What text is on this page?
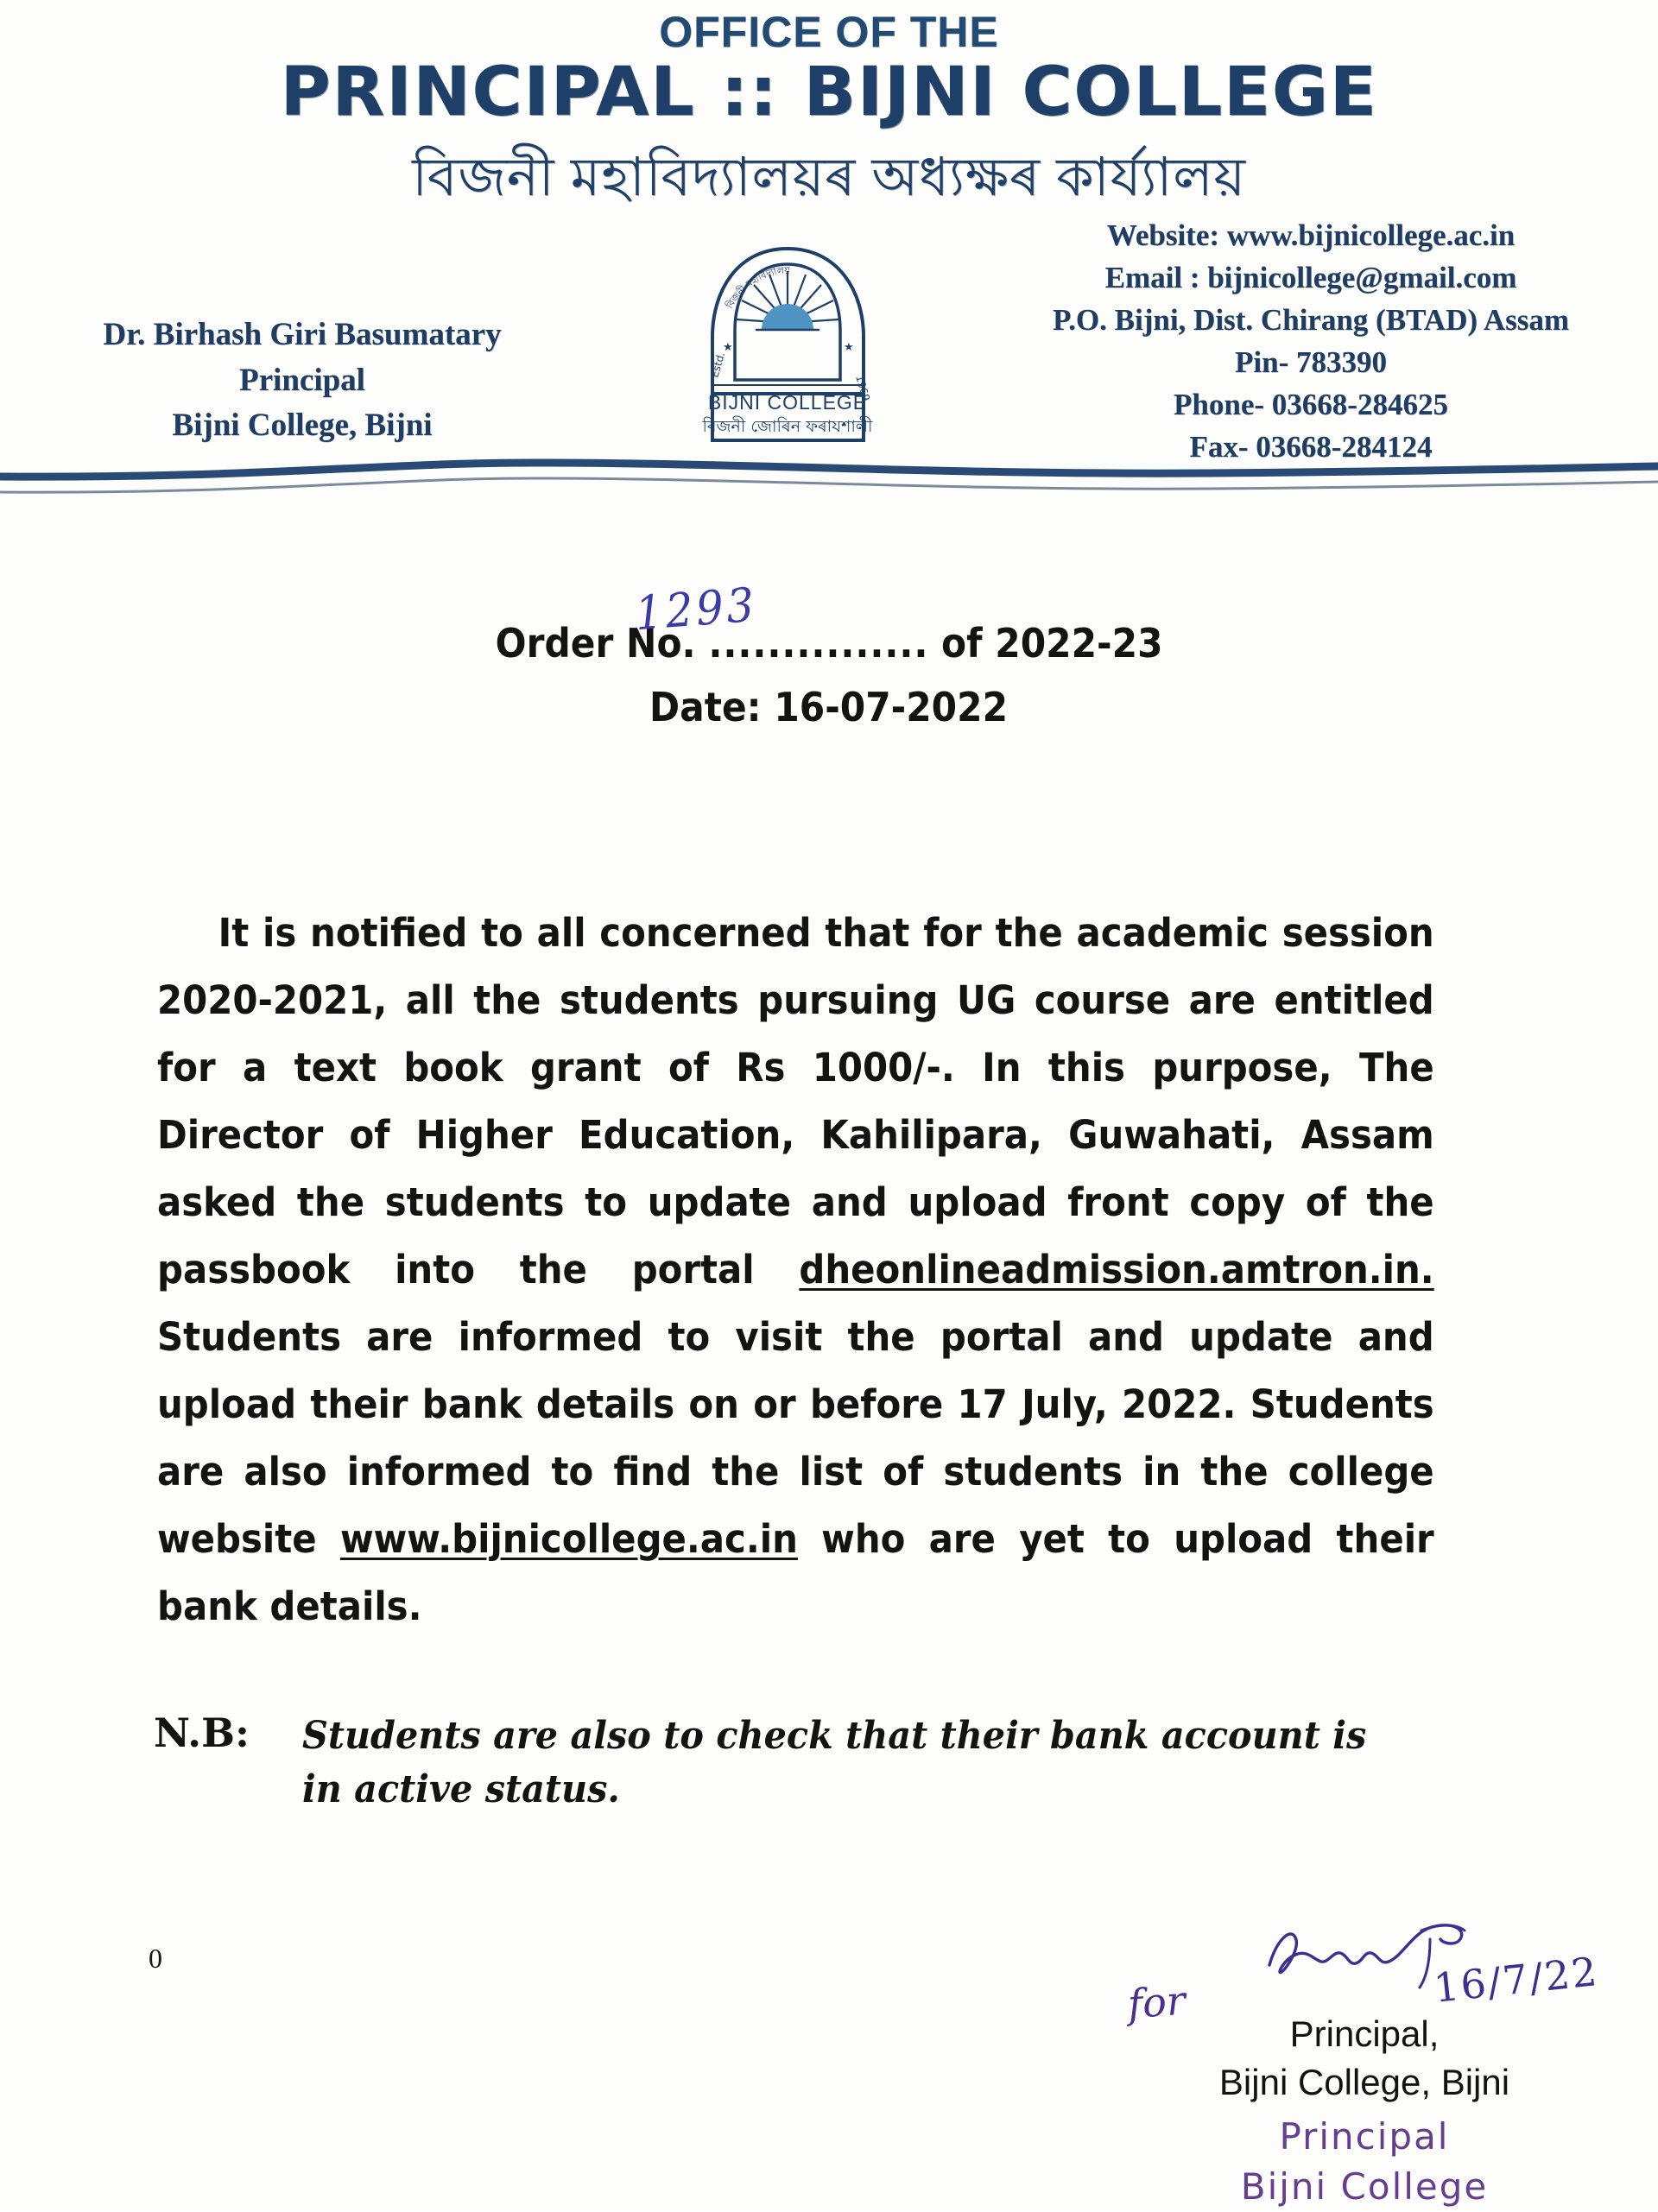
OFFICE OF THE
PRINCIPAL :: BIJNI COLLEGE
বিজনী মহাবিদ্যালয়ৰ অধ্যক্ষৰ কাৰ্য্যালয়
Dr. Birhash Giri Basumatary
Principal
Bijni College, Bijni
Website: www.bijnicollege.ac.in
Email : bijnicollege@gmail.com
P.O. Bijni, Dist. Chirang (BTAD) Assam
Pin- 783390
Phone- 03668-284625
Fax- 03668-284124
বিজনী মহাবিদ্যালয়
★	★
Estd.
1969
BIJNI COLLEGE
বিজনী জোৰিন ফৰাযশালী
Order No. ............... of 2022-23
1293

Date: 16-07-2022
It is notified to all concerned that for the academic session 2020-2021, all the students pursuing UG course are entitled for a text book grant of Rs 1000/-. In this purpose, The Director of Higher Education, Kahilipara, Guwahati, Assam asked the students to update and upload front copy of the passbook into the portal dheonlineadmission.amtron.in. Students are informed to visit the portal and update and upload their bank details on or before 17 July, 2022. Students are also informed to find the list of students in the college website www.bijnicollege.ac.in who are yet to upload their bank details.
N.B:	Students are also to check that their bank account is in active status.
0	16/7/22
for
Principal,
Bijni College, Bijni
Principal
Bijni College
